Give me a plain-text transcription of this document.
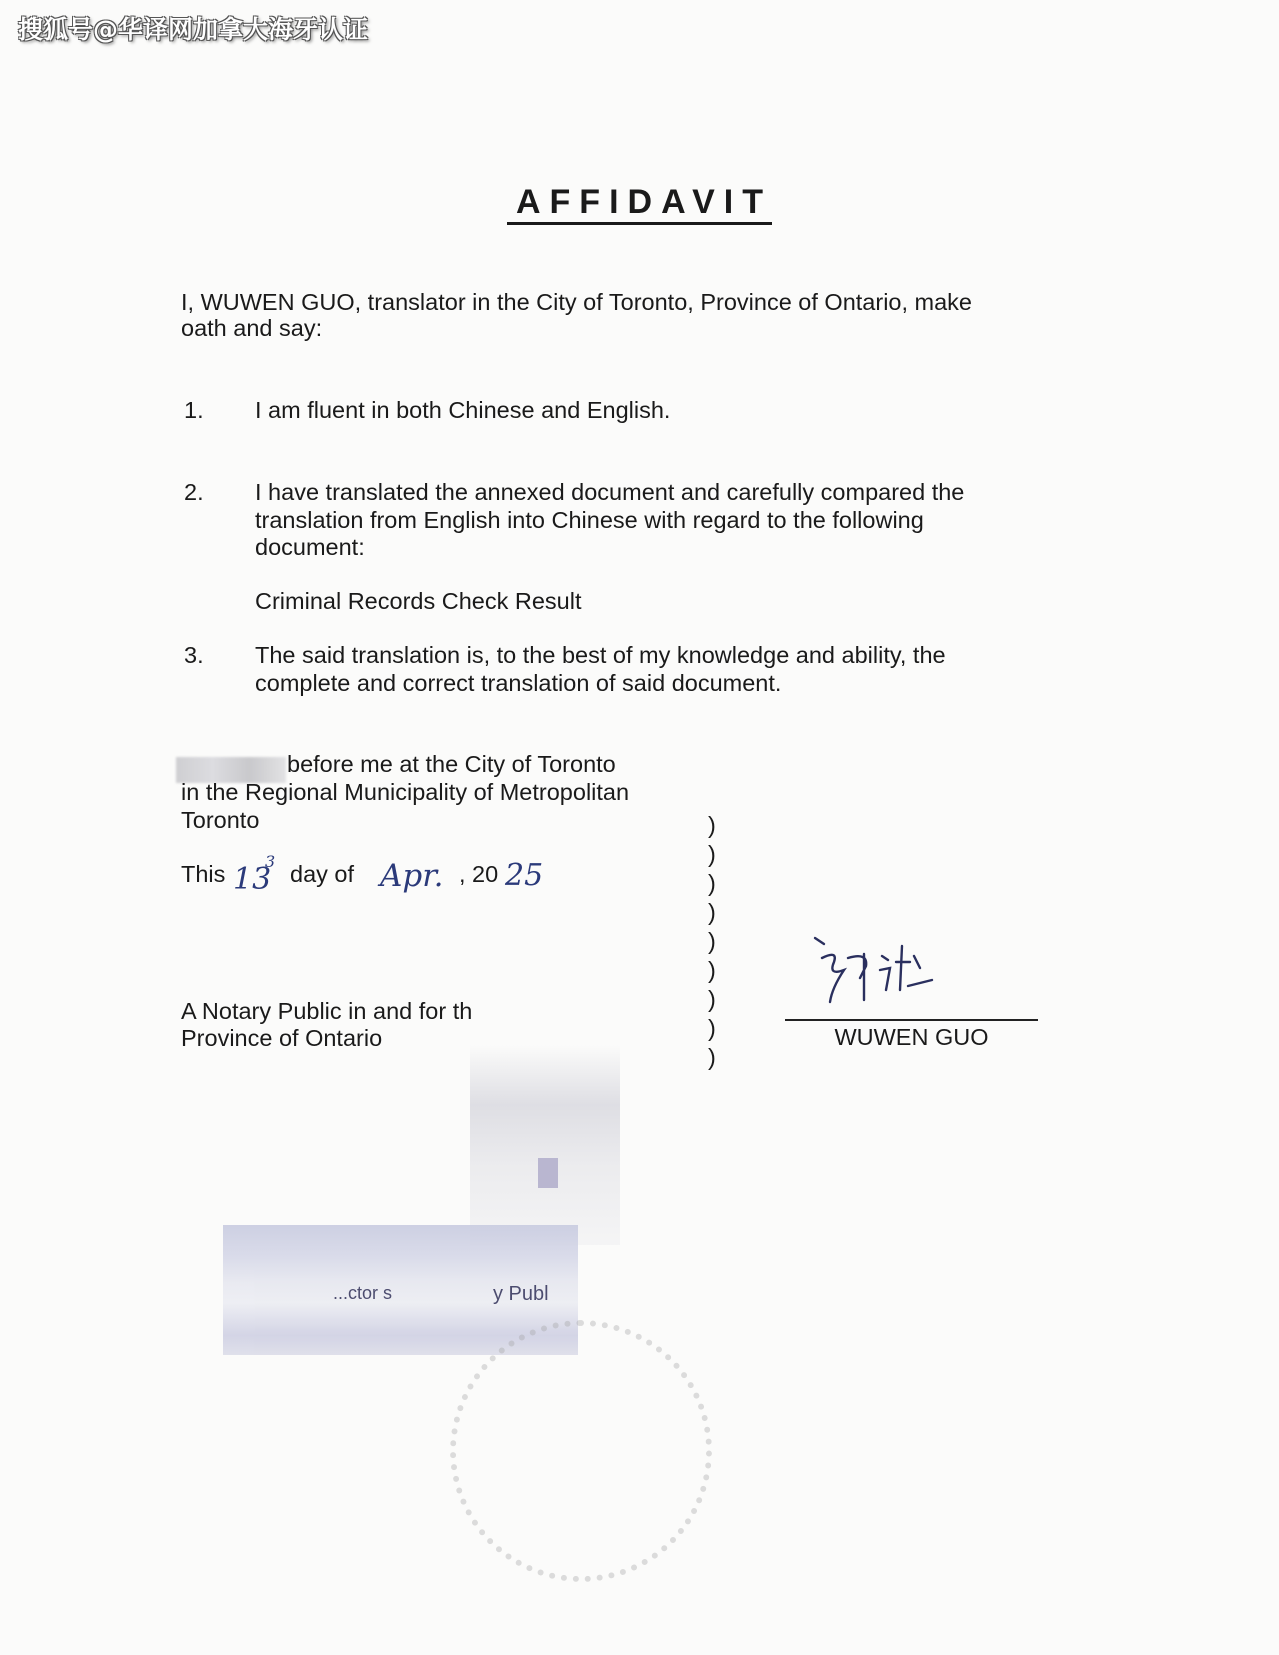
搜狐号@华译网加拿大海牙认证
AFFIDAVIT
I, WUWEN GUO, translator in the City of Toronto, Province of Ontario, make
oath and say:
1. I am fluent in both Chinese and English.
2. I have translated the annexed document and carefully compared the
translation from English into Chinese with regard to the following
document:
Criminal Records Check Result
3. The said translation is, to the best of my knowledge and ability, the
complete and correct translation of said document.
before me at the City of Toronto
in the Regional Municipality of Metropolitan
Toronto
This 13
3 day of Apr. , 20 25
A Notary Public in and for th
Province of Ontario
)
)
)
)
)
)
)
)
)
WUWEN GUO
...ctor s	y Publ
